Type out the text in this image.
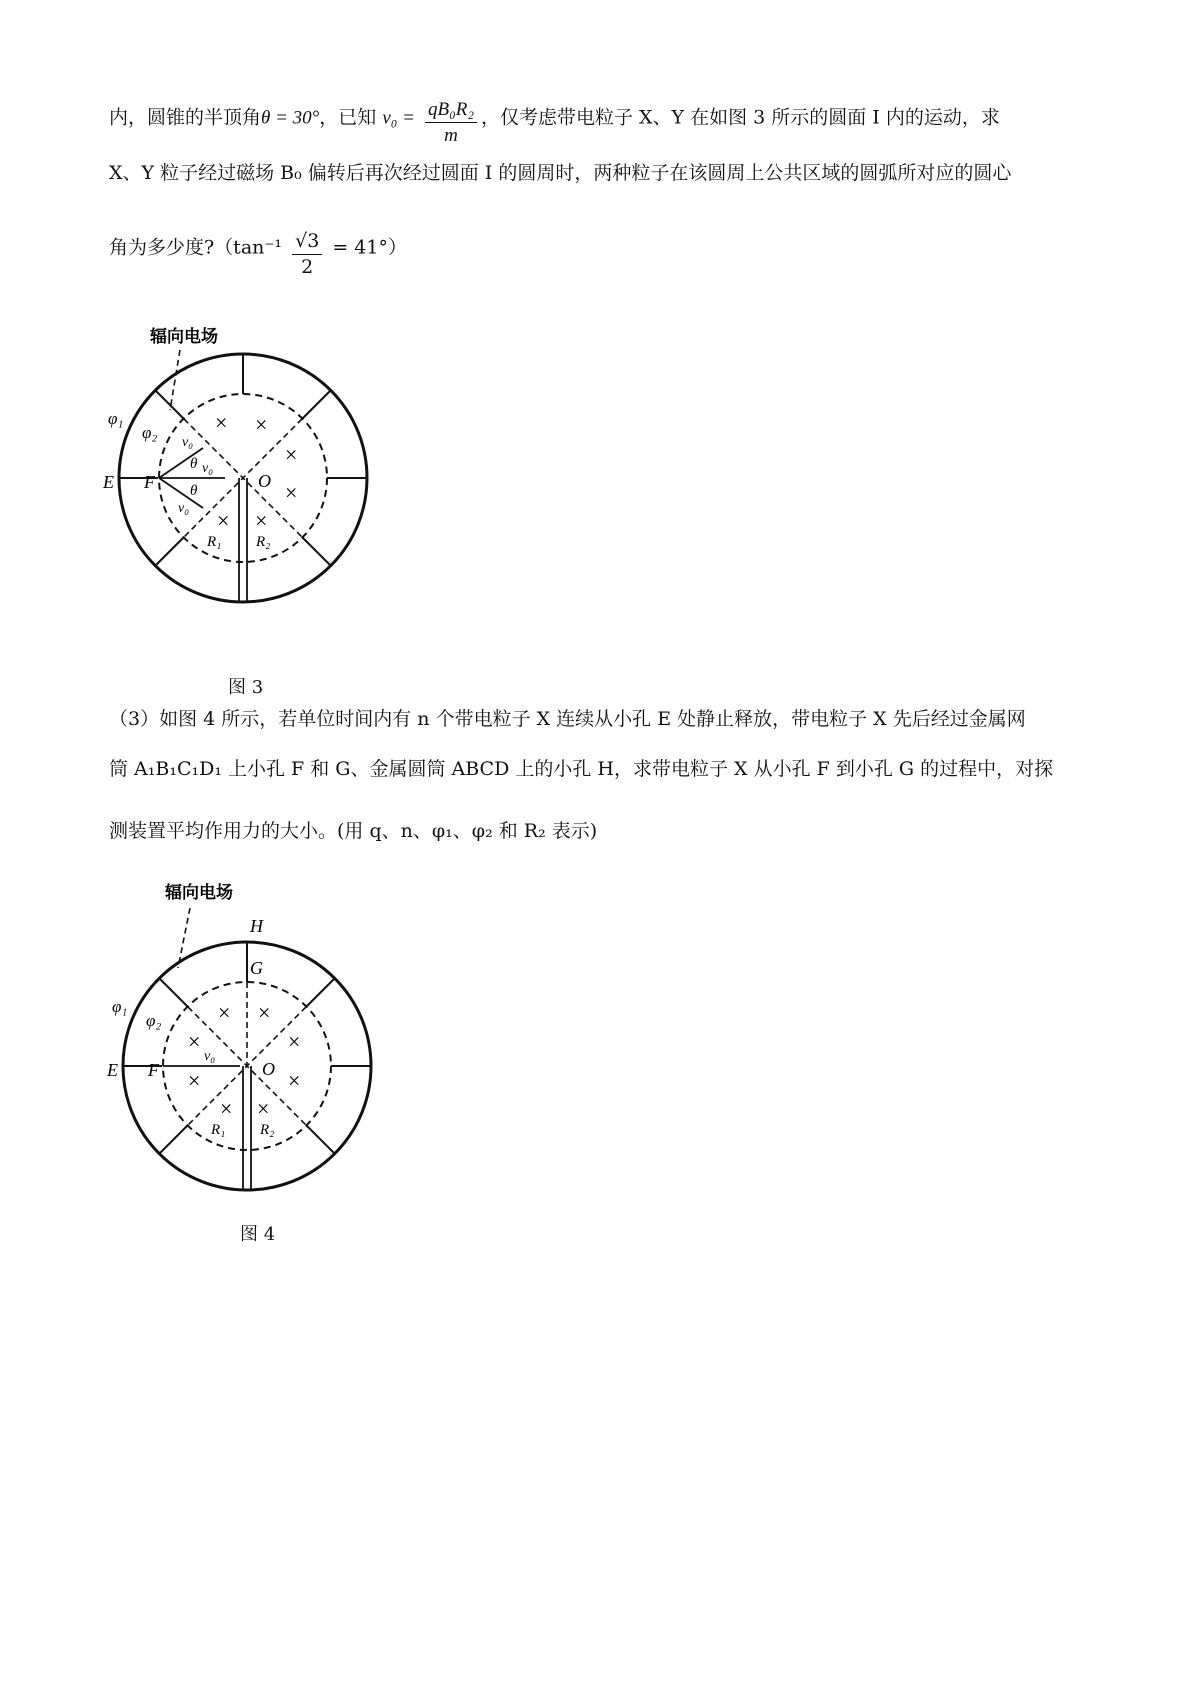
内，圆锥的半顶角θ = 30°，已知 $v_0 = \frac{\text{qB₀R₂}}{m}$ ，仅考虑带电粒子 X、Y 在如图 3 所示的圆面 I 内的运动，求
X、Y 粒子经过磁场 B₀ 偏转后再次经过圆面 I 的圆周时，两种粒子在该圆周上公共区域的圆弧所对应的圆心
角为多少度?（tan⁻¹ $\frac{√3}{2} = 41^\circ$）
辐向电场
φ₁
φ₂
E F	O
v₀
v₀
v₀
θ
θ
R₁ R₂
× ×
×
×
× ×
图 3
（3）如图 4 所示，若单位时间内有 n 个带电粒子 X 连续从小孔 E 处静止释放，带电粒子 X 先后经过金属网
筒 A₁B₁C₁D₁ 上小孔 F 和 G、金属圆筒 ABCD 上的小孔 H，求带电粒子 X 从小孔 F 到小孔 G 的过程中，对探
测装置平均作用力的大小。(用 q、n、φ₁、φ₂ 和 R₂ 表示)
辐向电场
φ₁
φ₂
E F	O
G
H
v₀
R₁ R₂
× ×
×	×
×	×
× ×
图 4
